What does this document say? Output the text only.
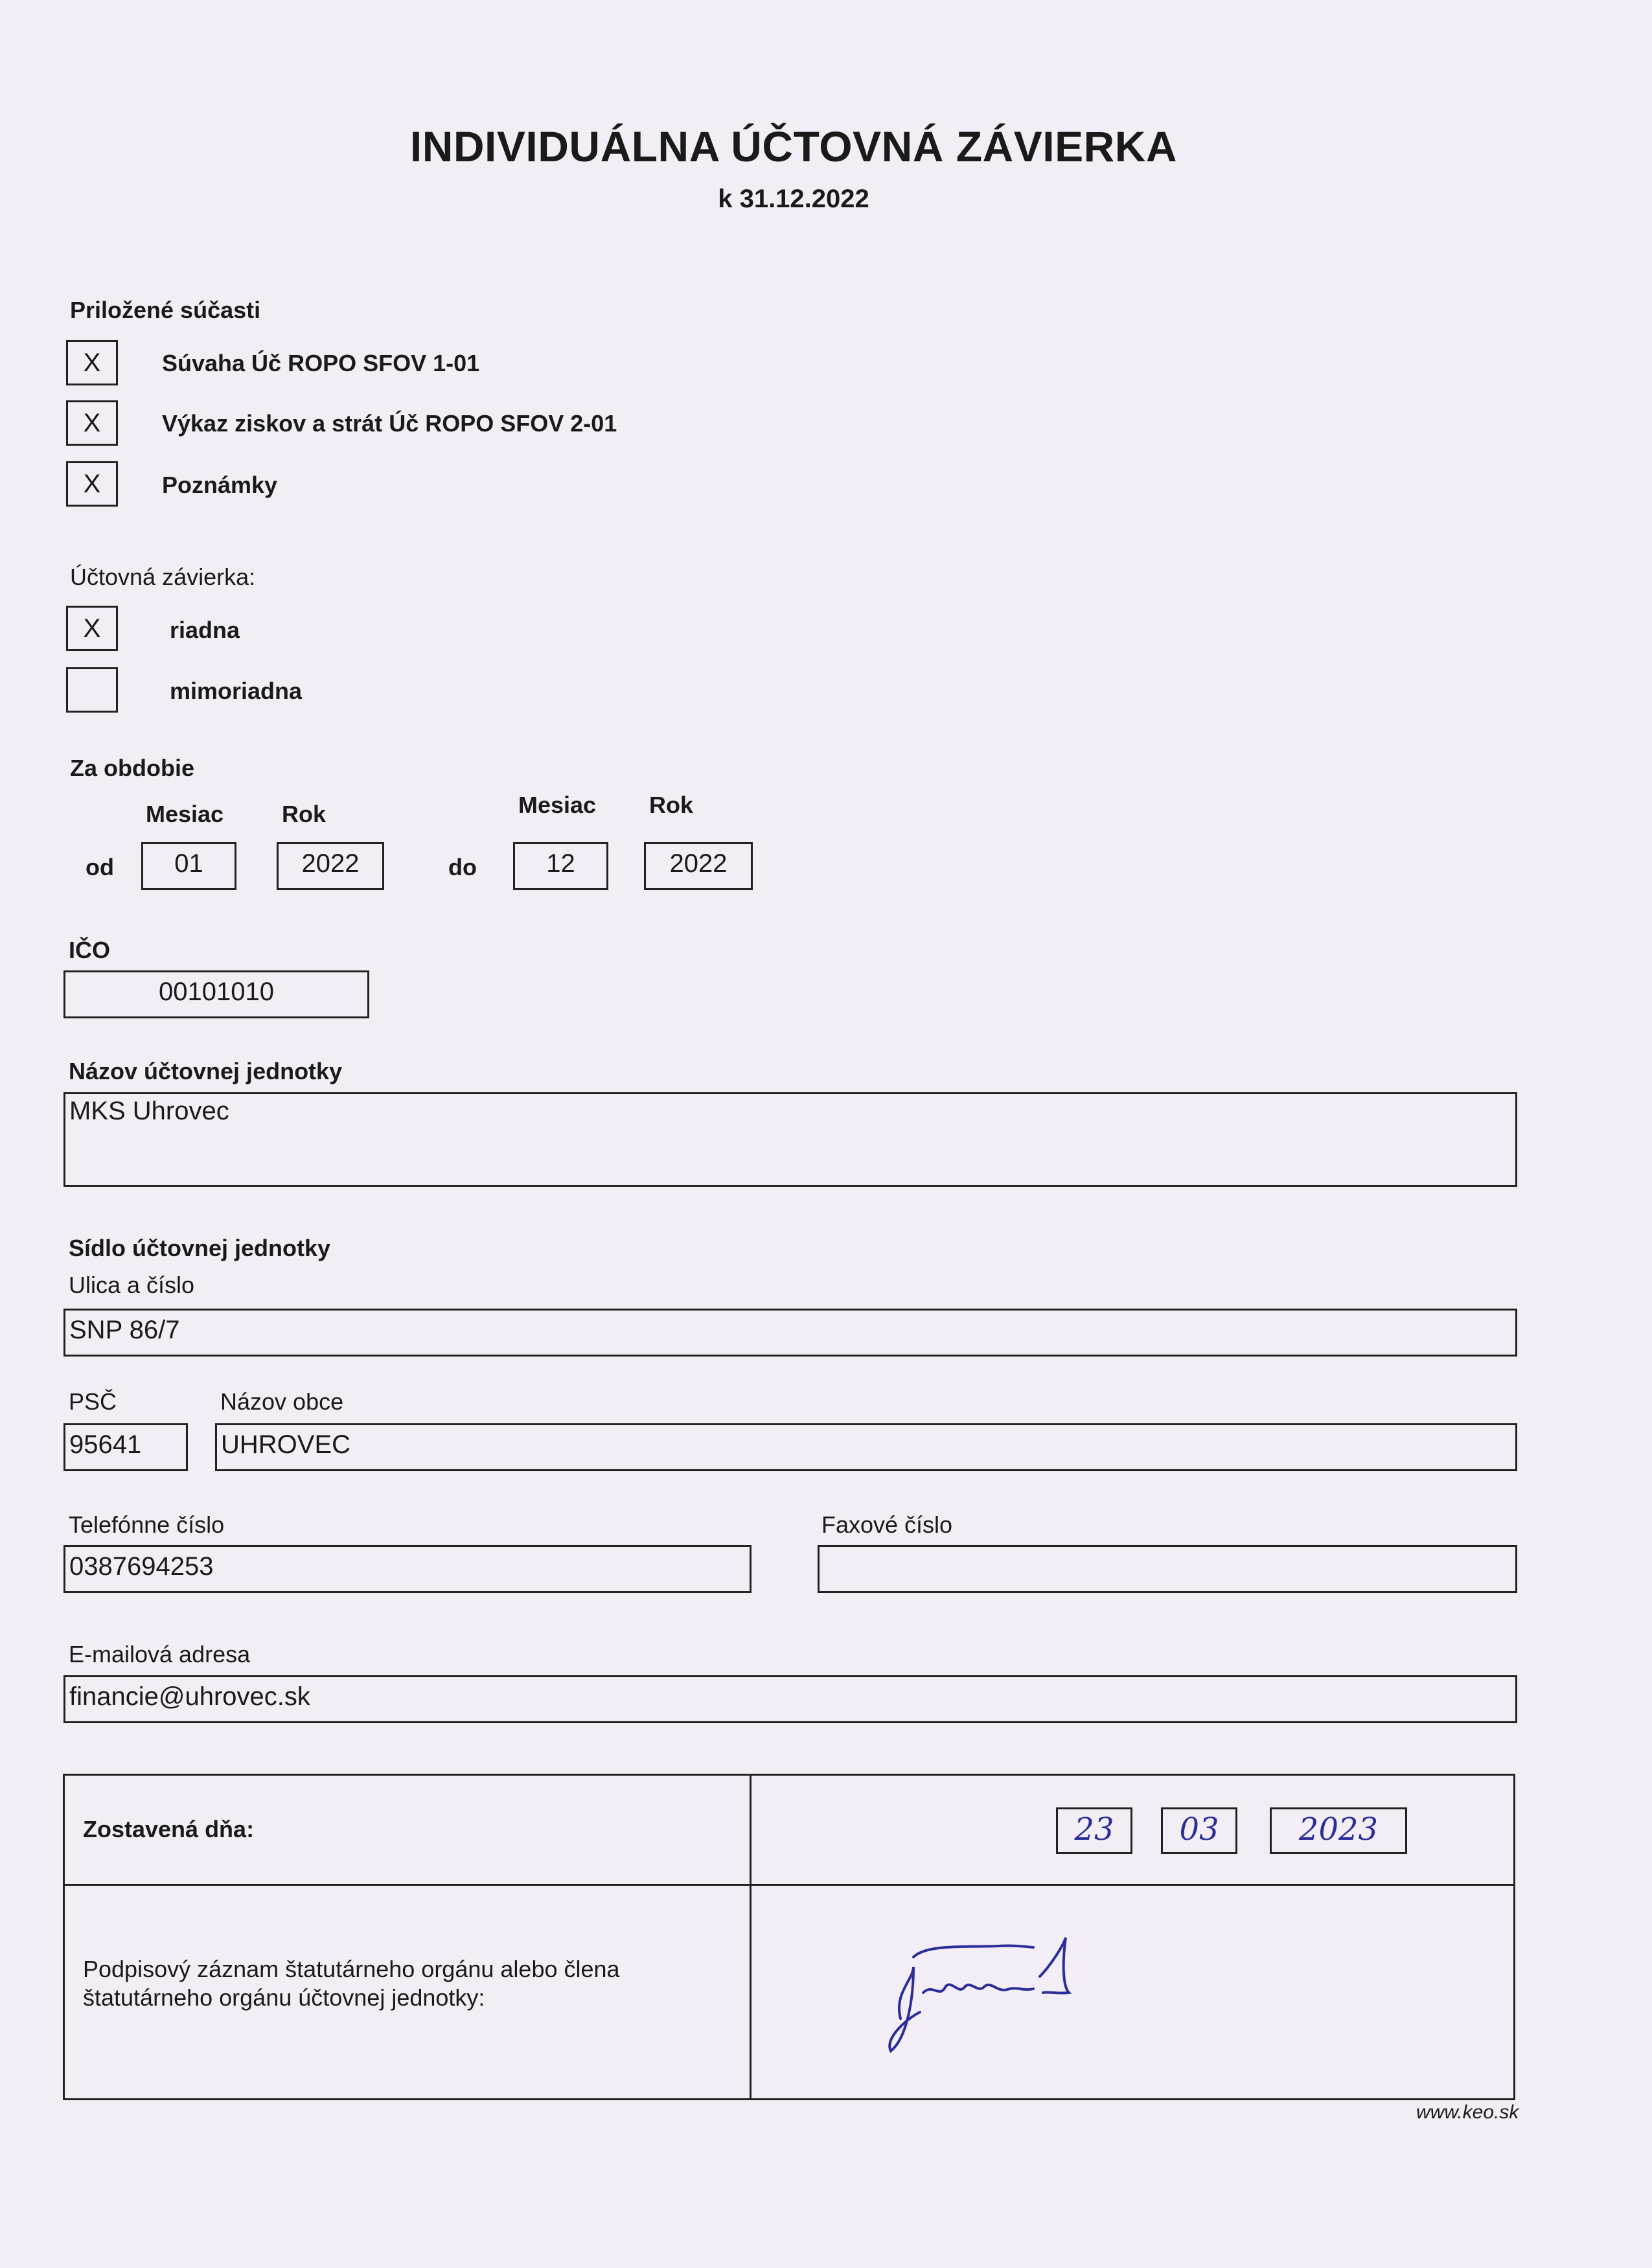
INDIVIDUÁLNA ÚČTOVNÁ ZÁVIERKA
k 31.12.2022
Priložené súčasti
X	Súvaha Úč ROPO SFOV 1-01
X	Výkaz ziskov a strát Úč ROPO SFOV 2-01
X	Poznámky
Účtovná závierka:
X	riadna
mimoriadna
Za obdobie
Mesiac Rok	Mesiac Rok
od	01	2022	do	12	2022
IČO
00101010
Názov účtovnej jednotky
MKS Uhrovec
Sídlo účtovnej jednotky
Ulica a číslo
SNP 86/7
PSČ	Názov obce
95641	UHROVEC
Telefónne číslo	Faxové číslo
0387694253
E-mailová adresa
financie@uhrovec.sk
Zostavená dňa:	23	03	2023
Podpisový záznam štatutárneho orgánu alebo člena
štatutárneho orgánu účtovnej jednotky:
www.keo.sk
